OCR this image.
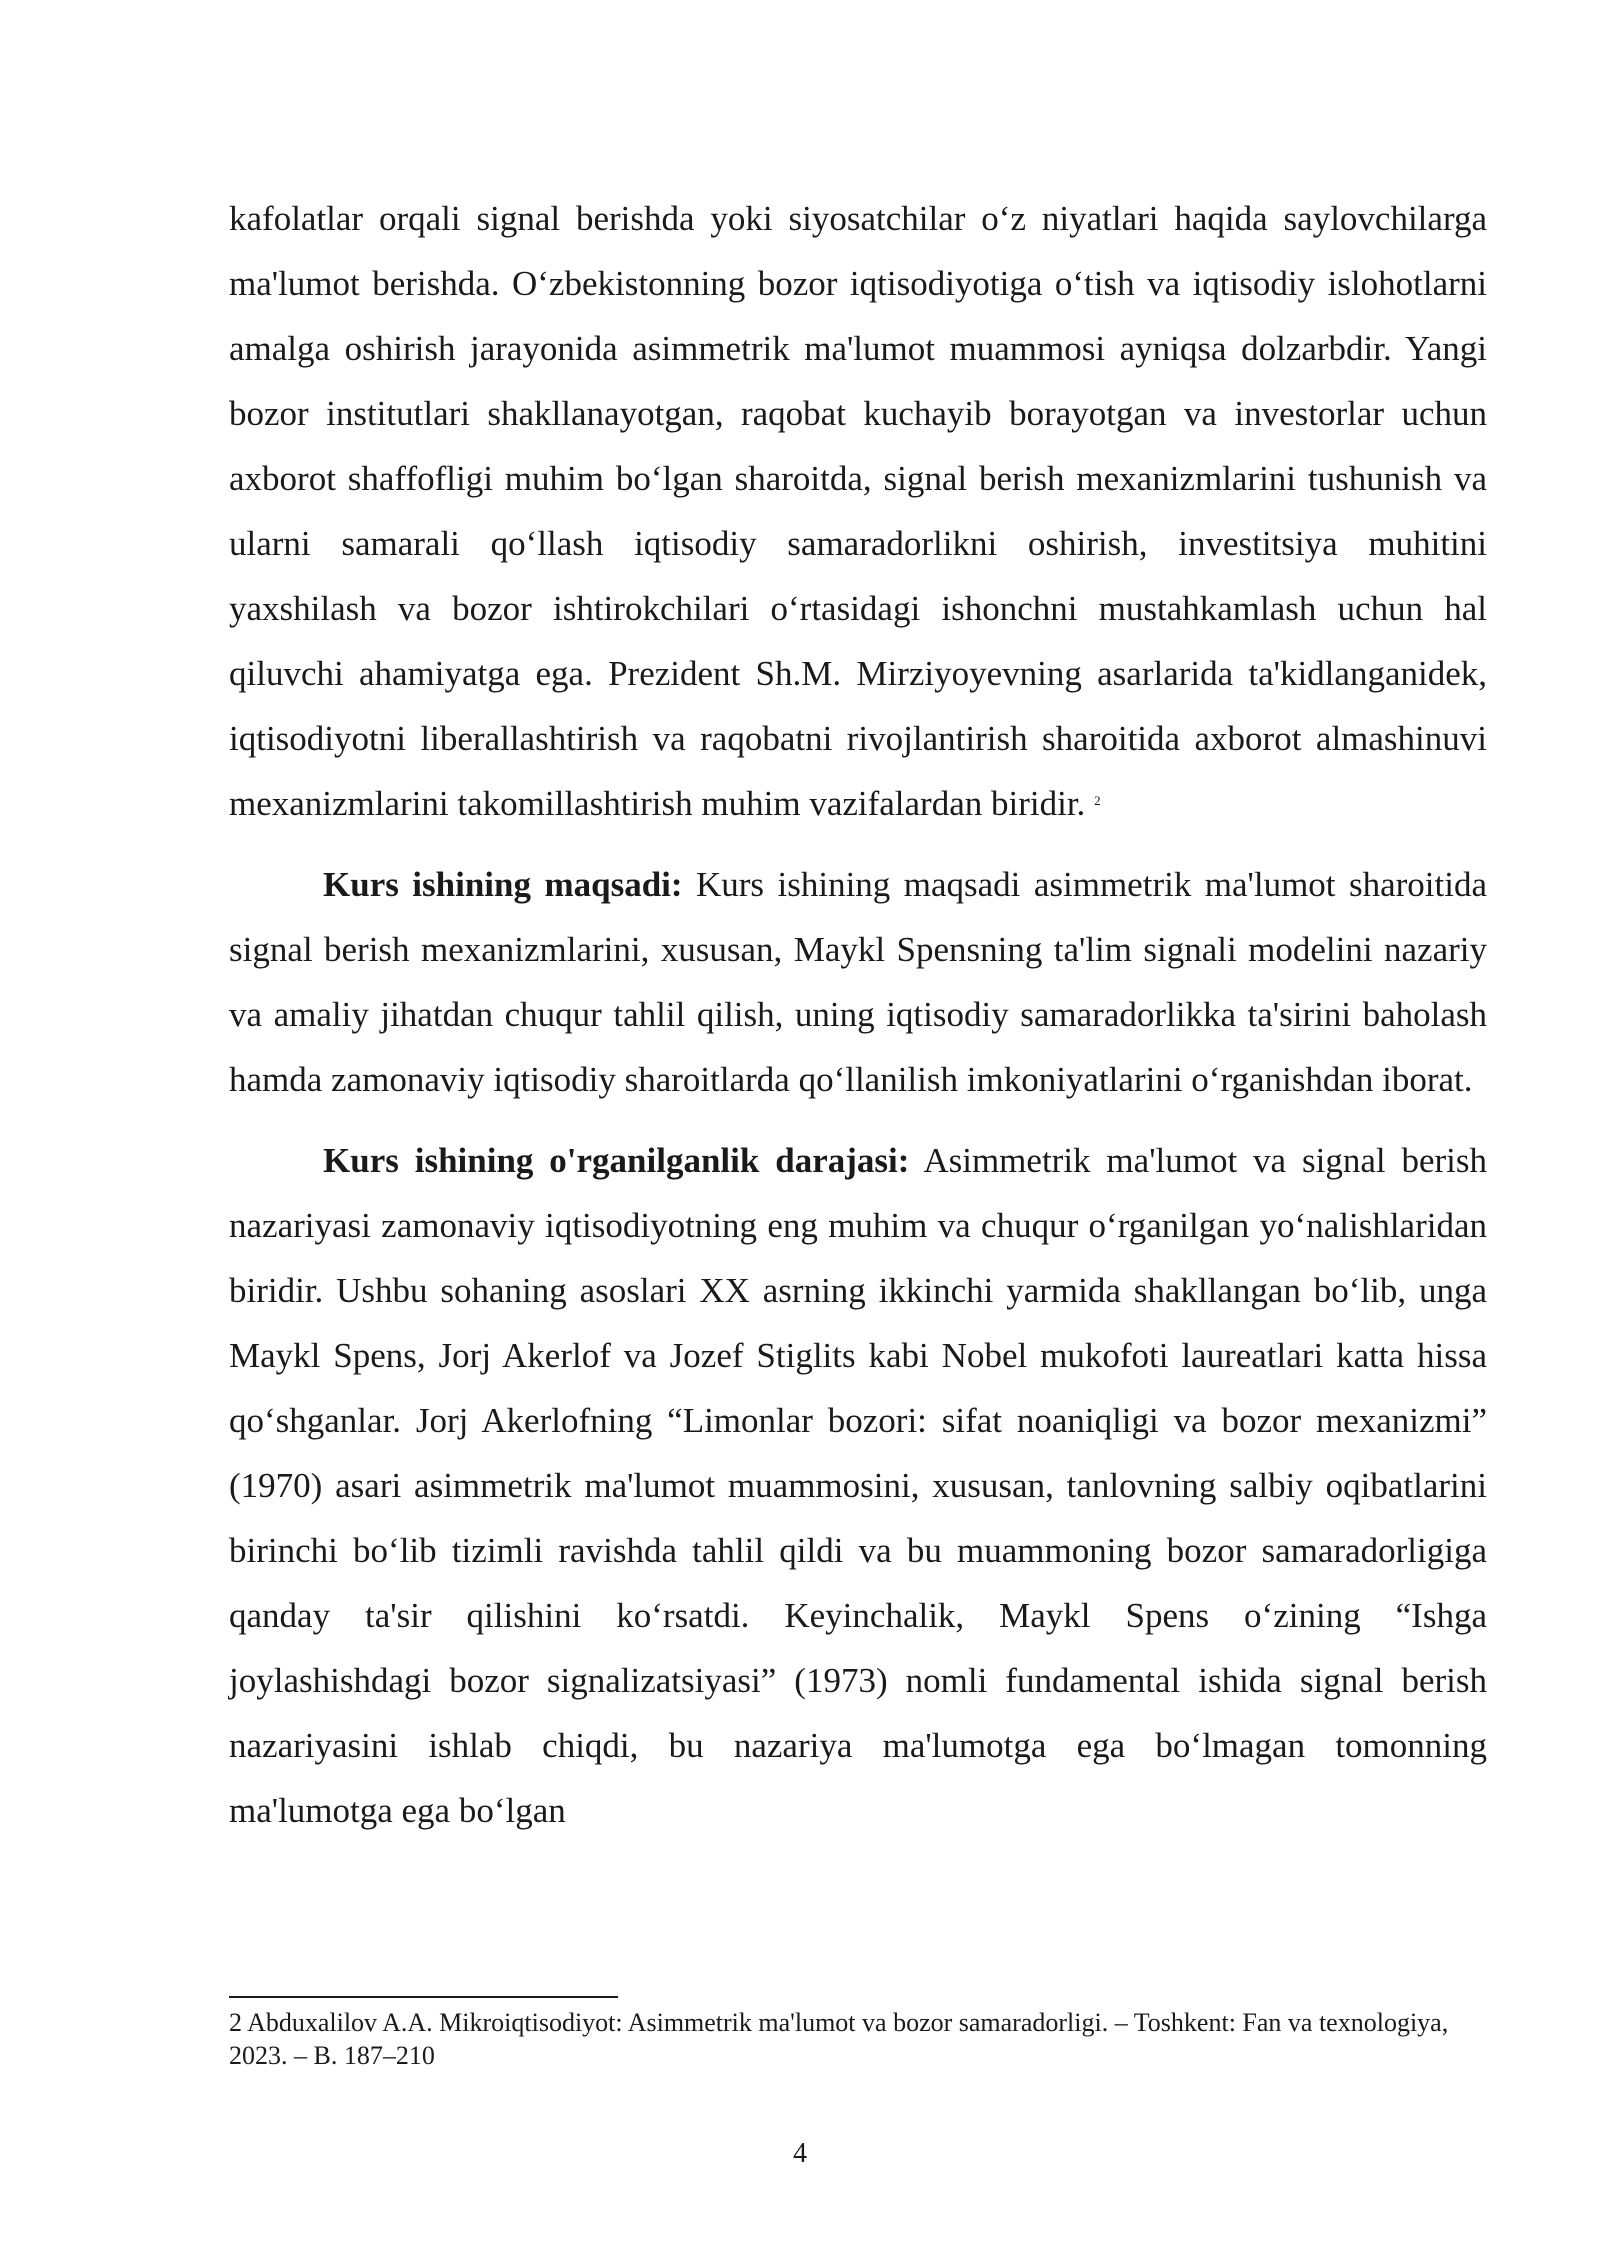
kafolatlar orqali signal berishda yoki siyosatchilar o‘z niyatlari haqida saylovchilarga ma'lumot berishda. O‘zbekistonning bozor iqtisodiyotiga o‘tish va iqtisodiy islohotlarni amalga oshirish jarayonida asimmetrik ma'lumot muammosi ayniqsa dolzarbdir. Yangi bozor institutlari shakllanayotgan, raqobat kuchayib borayotgan va investorlar uchun axborot shaffofligi muhim bo‘lgan sharoitda, signal berish mexanizmlarini tushunish va ularni samarali qo‘llash iqtisodiy samaradorlikni oshirish, investitsiya muhitini yaxshilash va bozor ishtirokchilari o‘rtasidagi ishonchni mustahkamlash uchun hal qiluvchi ahamiyatga ega. Prezident Sh.M. Mirziyoyevning asarlarida ta'kidlanganidek, iqtisodiyotni liberallashtirish va raqobatni rivojlantirish sharoitida axborot almashinuvi mexanizmlarini takomillashtirish muhim vazifalardan biridir. $^2$

Kurs ishining maqsadi: Kurs ishining maqsadi asimmetrik ma'lumot sharoitida signal berish mexanizmlarini, xususan, Maykl Spensning ta'lim signali modelini nazariy va amaliy jihatdan chuqur tahlil qilish, uning iqtisodiy samaradorlikka ta'sirini baholash hamda zamonaviy iqtisodiy sharoitlarda qo‘llanilish imkoniyatlarini o‘rganishdan iborat.

Kurs ishining o'rganilganlik darajasi: Asimmetrik ma'lumot va signal berish nazariyasi zamonaviy iqtisodiyotning eng muhim va chuqur o‘rganilgan yo‘nalishlaridan biridir. Ushbu sohaning asoslari XX asrning ikkinchi yarmida shakllangan bo‘lib, unga Maykl Spens, Jorj Akerlof va Jozef Stiglits kabi Nobel mukofoti laureatlari katta hissa qo‘shganlar. Jorj Akerlofning “Limonlar bozori: sifat noaniqligi va bozor mexanizmi” (1970) asari asimmetrik ma'lumot muammosini, xususan, tanlovning salbiy oqibatlarini birinchi bo‘lib tizimli ravishda tahlil qildi va bu muammoning bozor samaradorligiga qanday ta'sir qilishini ko‘rsatdi. Keyinchalik, Maykl Spens o‘zining “Ishga joylashishdagi bozor signalizatsiyasi” (1973) nomli fundamental ishida signal berish nazariyasini ishlab chiqdi, bu nazariya ma'lumotga ega bo‘lmagan tomonning ma'lumotga ega bo‘lgan

2 Abduxalilov A.A. Mikroiqtisodiyot: Asimmetrik ma'lumot va bozor samaradorligi. – Toshkent: Fan va texnologiya, 2023. – B. 187–210

4
